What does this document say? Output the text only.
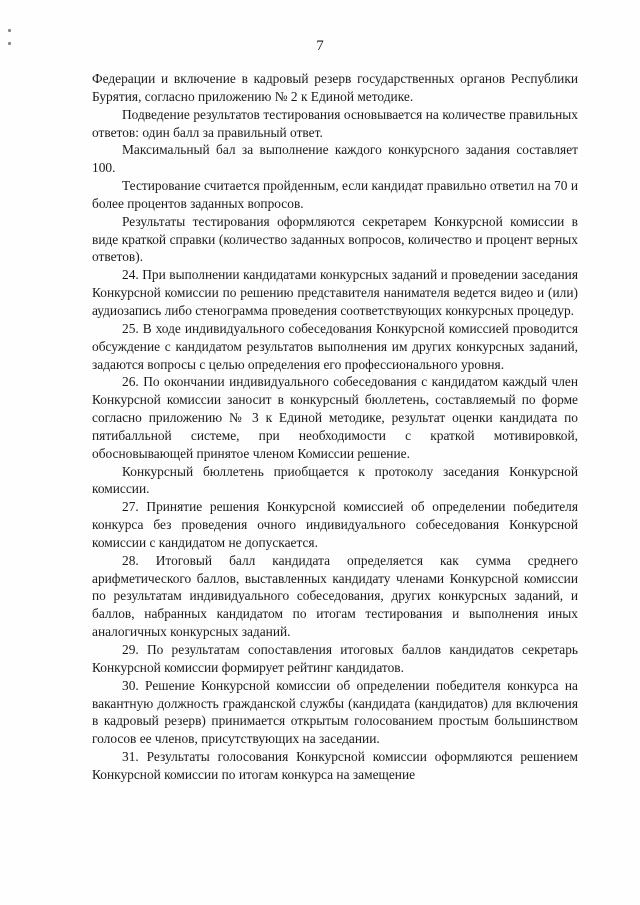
7

Федерации и включение в кадровый резерв государственных органов Республики Бурятия, согласно приложению № 2 к Единой методике.

Подведение результатов тестирования основывается на количестве правильных ответов: один балл за правильный ответ.

Максимальный бал за выполнение каждого конкурсного задания составляет 100.

Тестирование считается пройденным, если кандидат правильно ответил на 70 и более процентов заданных вопросов.

Результаты тестирования оформляются секретарем Конкурсной комиссии в виде краткой справки (количество заданных вопросов, количество и процент верных ответов).

24. При выполнении кандидатами конкурсных заданий и проведении заседания Конкурсной комиссии по решению представителя нанимателя ведется видео и (или) аудиозапись либо стенограмма проведения соответствующих конкурсных процедур.

25. В ходе индивидуального собеседования Конкурсной комиссией проводится обсуждение с кандидатом результатов выполнения им других конкурсных заданий, задаются вопросы с целью определения его профессионального уровня.

26. По окончании индивидуального собеседования с кандидатом каждый член Конкурсной комиссии заносит в конкурсный бюллетень, составляемый по форме согласно приложению № 3 к Единой методике, результат оценки кандидата по пятибалльной системе, при необходимости с краткой мотивировкой, обосновывающей принятое членом Комиссии решение.

Конкурсный бюллетень приобщается к протоколу заседания Конкурсной комиссии.

27. Принятие решения Конкурсной комиссией об определении победителя конкурса без проведения очного индивидуального собеседования Конкурсной комиссии с кандидатом не допускается.

28. Итоговый балл кандидата определяется как сумма среднего арифметического баллов, выставленных кандидату членами Конкурсной комиссии по результатам индивидуального собеседования, других конкурсных заданий, и баллов, набранных кандидатом по итогам тестирования и выполнения иных аналогичных конкурсных заданий.

29. По результатам сопоставления итоговых баллов кандидатов секретарь Конкурсной комиссии формирует рейтинг кандидатов.

30. Решение Конкурсной комиссии об определении победителя конкурса на вакантную должность гражданской службы (кандидата (кандидатов) для включения в кадровый резерв) принимается открытым голосованием простым большинством голосов ее членов, присутствующих на заседании.

31. Результаты голосования Конкурсной комиссии оформляются решением Конкурсной комиссии по итогам конкурса на замещение
